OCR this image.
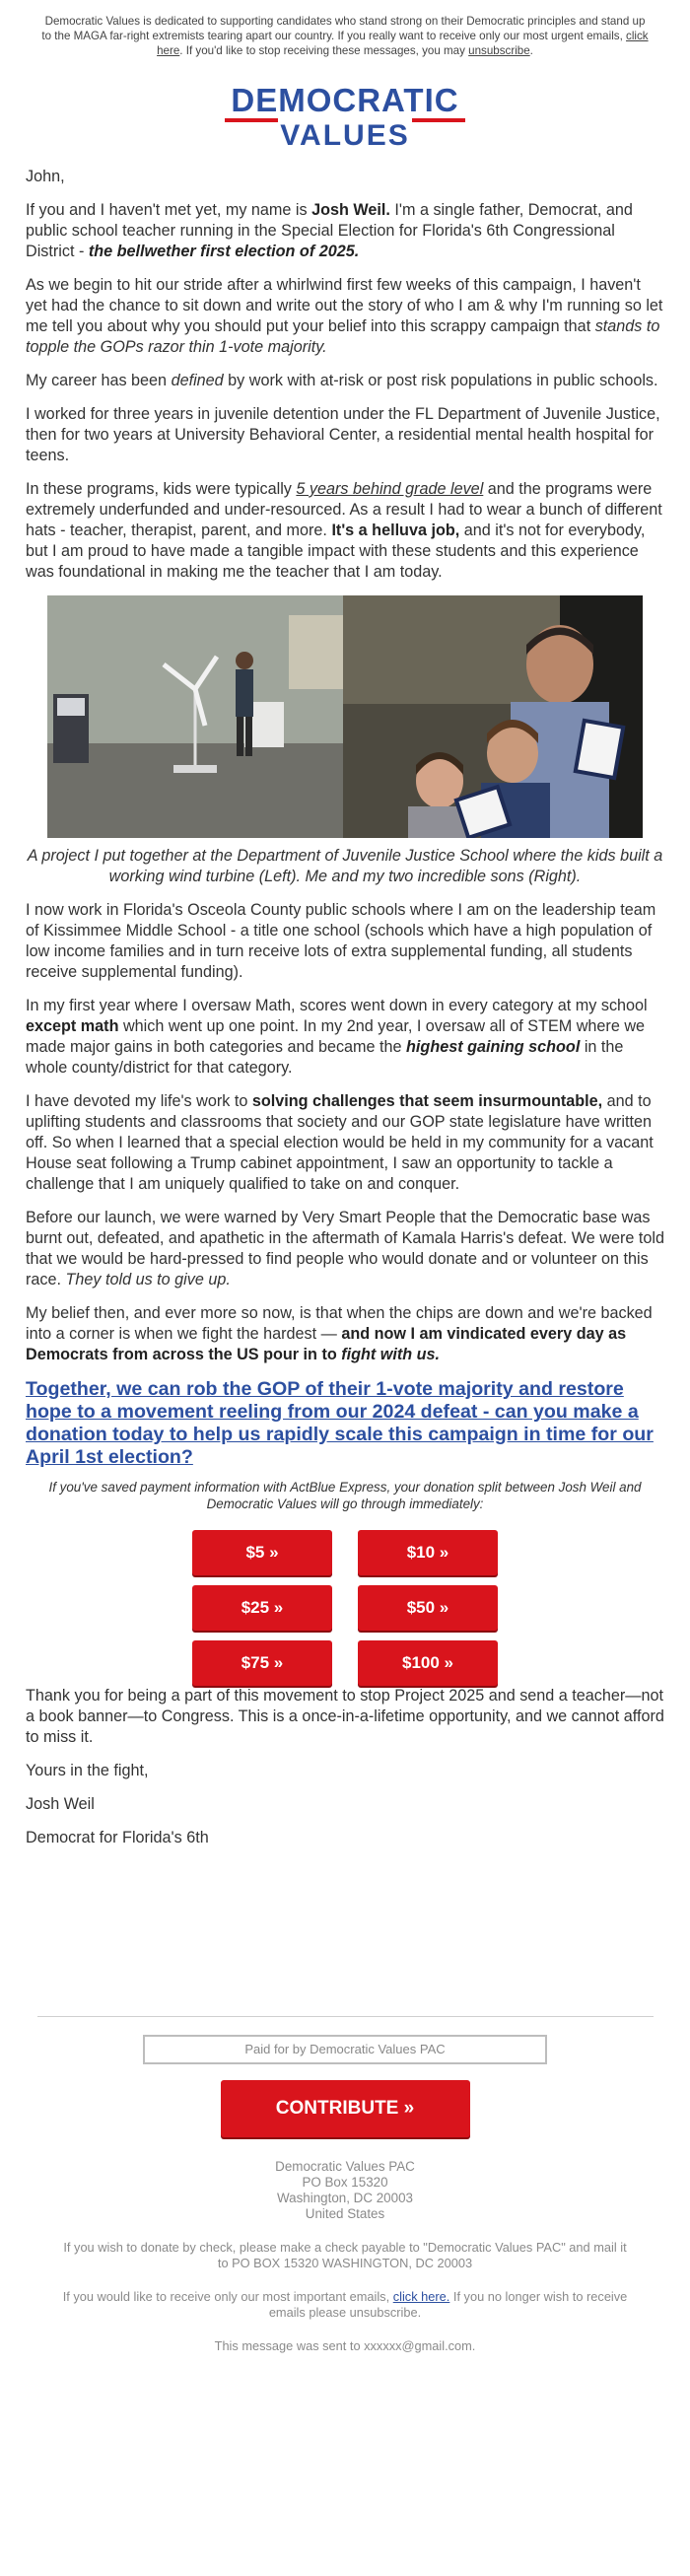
Democratic Values is dedicated to supporting candidates who stand strong on their Democratic principles and stand up to the MAGA far-right extremists tearing apart our country. If you really want to receive only our most urgent emails, click here. If you'd like to stop receiving these messages, you may unsubscribe.
DEMOCRATIC
VALUES

John,

If you and I haven't met yet, my name is Josh Weil. I'm a single father, Democrat, and public school teacher running in the Special Election for Florida's 6th Congressional District - the bellwether first election of 2025.

As we begin to hit our stride after a whirlwind first few weeks of this campaign, I haven't yet had the chance to sit down and write out the story of who I am & why I'm running so let me tell you about why you should put your belief into this scrappy campaign that stands to topple the GOPs razor thin 1-vote majority.

My career has been defined by work with at-risk or post risk populations in public schools.

I worked for three years in juvenile detention under the FL Department of Juvenile Justice, then for two years at University Behavioral Center, a residential mental health hospital for teens.

In these programs, kids were typically 5 years behind grade level and the programs were extremely underfunded and under-resourced. As a result I had to wear a bunch of different hats - teacher, therapist, parent, and more. It's a helluva job, and it's not for everybody, but I am proud to have made a tangible impact with these students and this experience was foundational in making me the teacher that I am today.

A project I put together at the Department of Juvenile Justice School where the kids built a working wind turbine (Left). Me and my two incredible sons (Right).

I now work in Florida's Osceola County public schools where I am on the leadership team of Kissimmee Middle School - a title one school (schools which have a high population of low income families and in turn receive lots of extra supplemental funding, all students receive supplemental funding).

In my first year where I oversaw Math, scores went down in every category at my school except math which went up one point. In my 2nd year, I oversaw all of STEM where we made major gains in both categories and became the highest gaining school in the whole county/district for that category.

I have devoted my life's work to solving challenges that seem insurmountable, and to uplifting students and classrooms that society and our GOP state legislature have written off. So when I learned that a special election would be held in my community for a vacant House seat following a Trump cabinet appointment, I saw an opportunity to tackle a challenge that I am uniquely qualified to take on and conquer.

Before our launch, we were warned by Very Smart People that the Democratic base was burnt out, defeated, and apathetic in the aftermath of Kamala Harris's defeat. We were told that we would be hard-pressed to find people who would donate and or volunteer on this race. They told us to give up.

My belief then, and ever more so now, is that when the chips are down and we're backed into a corner is when we fight the hardest — and now I am vindicated every day as Democrats from across the US pour in to fight with us.

Together, we can rob the GOP of their 1-vote majority and restore hope to a movement reeling from our 2024 defeat - can you make a donation today to help us rapidly scale this campaign in time for our April 1st election?
If you've saved payment information with ActBlue Express, your donation split between Josh Weil and Democratic Values will go through immediately:
$5 »	$10 »
$25 »	$50 »
$75 »	$100 »

Thank you for being a part of this movement to stop Project 2025 and send a teacher—not a book banner—to Congress. This is a once-in-a-lifetime opportunity, and we cannot afford to miss it.

Yours in the fight,

Josh Weil

Democrat for Florida's 6th

Paid for by Democratic Values PAC
CONTRIBUTE »
Democratic Values PAC
PO Box 15320
Washington, DC 20003
United States
If you wish to donate by check, please make a check payable to "Democratic Values PAC" and mail it to PO BOX 15320 WASHINGTON, DC 20003
If you would like to receive only our most important emails, click here. If you no longer wish to receive emails please unsubscribe.
This message was sent to xxxxxx@gmail.com.
